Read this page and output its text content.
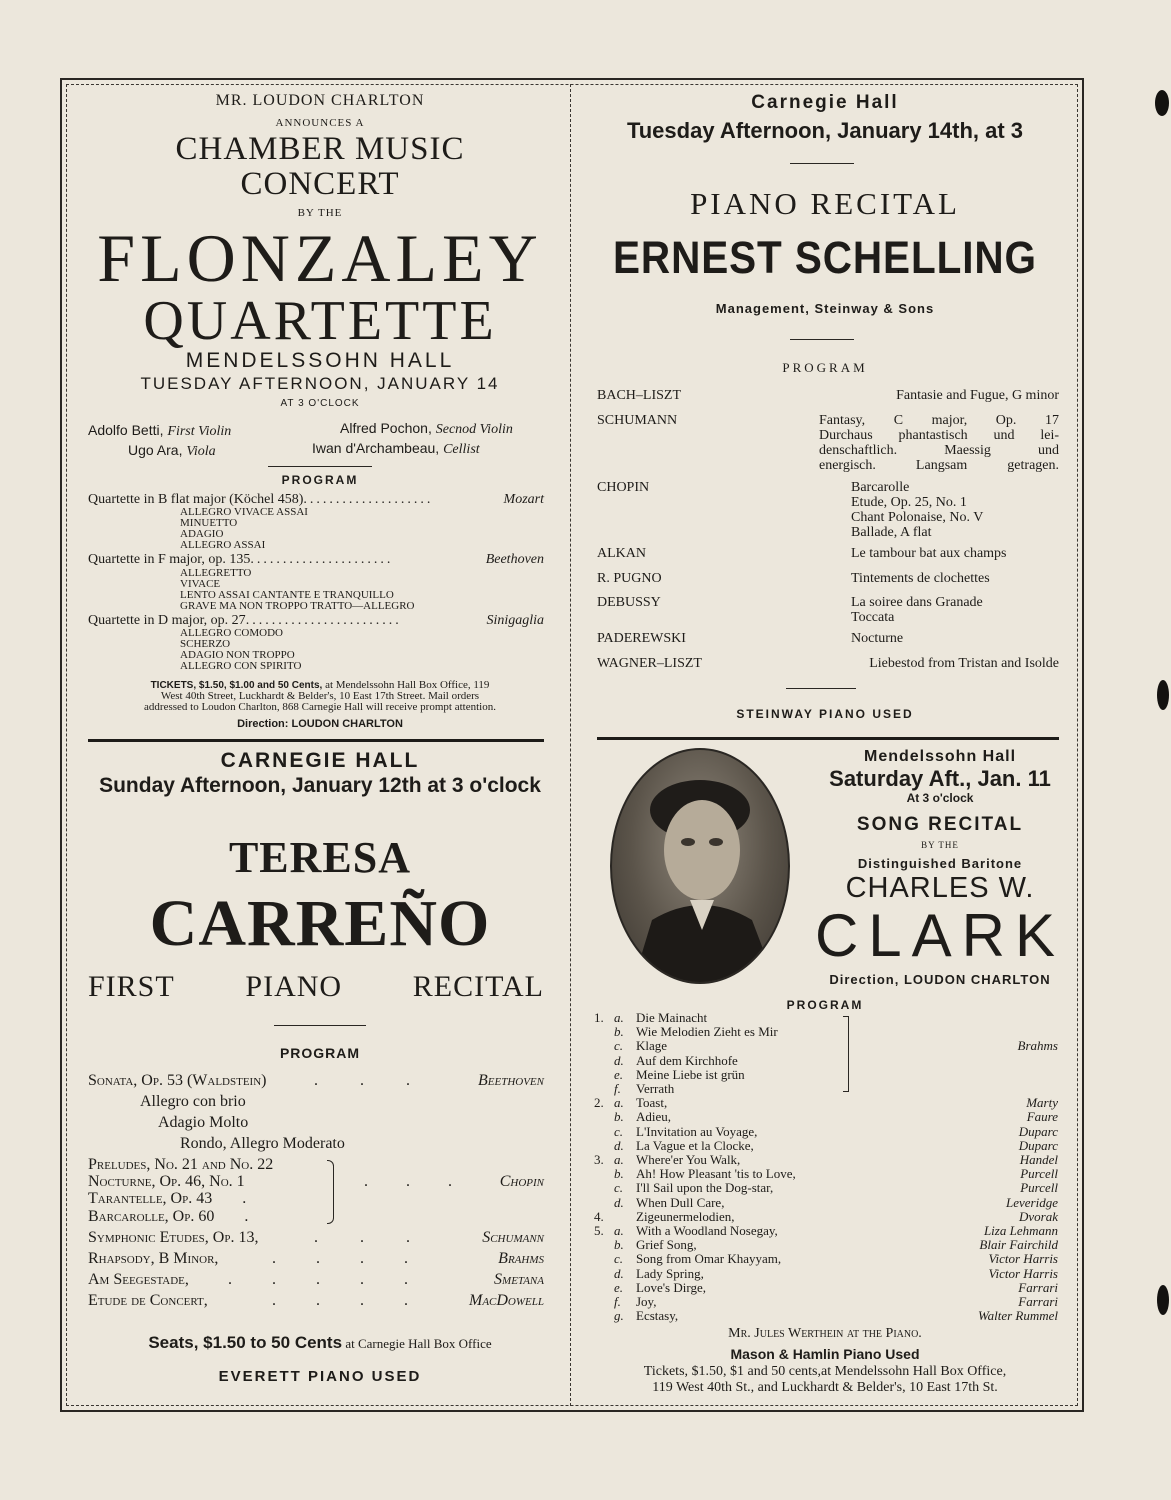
MR. LOUDON CHARLTON
ANNOUNCES A
CHAMBER MUSIC
CONCERT
BY THE
FLONZALEY
QUARTETTE
MENDELSSOHN HALL
TUESDAY AFTERNOON, JANUARY 14
AT 3 O'CLOCK
Adolfo Betti, First Violin	Alfred Pochon, Secnod Violin
Ugo Ara, Viola	Iwan d'Archambeau, Cellist
PROGRAM
Quartette in B flat major (Köchel 458)....................	Mozart
ALLEGRO VIVACE ASSAI
MINUETTO
ADAGIO
ALLEGRO ASSAI
Quartette in F major, op. 135......................	Beethoven
ALLEGRETTO
VIVACE
LENTO ASSAI CANTANTE E TRANQUILLO
GRAVE MA NON TROPPO TRATTO—ALLEGRO
Quartette in D major, op. 27........................	Sinigaglia
ALLEGRO COMODO
SCHERZO
ADAGIO NON TROPPO
ALLEGRO CON SPIRITO
TICKETS, $1.50, $1.00 and 50 Cents, at Mendelssohn Hall Box Office, 119
West 40th Street, Luckhardt & Belder's, 10 East 17th Street. Mail orders
addressed to Loudon Charlton, 868 Carnegie Hall will receive prompt attention.
Direction: LOUDON CHARLTON
CARNEGIE HALL
Sunday Afternoon, January 12th at 3 o'clock
TERESA
CARREÑO
FIRST PIANO RECITAL
PROGRAM
Sonata, Op. 53 (Waldstein)	... Beethoven
Allegro con brio
Adagio Molto
Rondo, Allegro Moderato
Preludes, No. 21 and No. 22
Nocturne, Op. 46, No. 1	... Chopin
Tarantelle, Op. 43 .
Barcarolle, Op. 60 .
Symphonic Etudes, Op. 13,	... Schumann
Rhapsody, B Minor,	....	Brahms
Am Seegestade, .....	Smetana
Etude de Concert,	.... MacDowell
Seats, $1.50 to 50 Cents at Carnegie Hall Box Office
EVERETT PIANO USED
Carnegie Hall
Tuesday Afternoon, January 14th, at 3
PIANO RECITAL
ERNEST SCHELLING
Management, Steinway & Sons
PROGRAM
BACH–LISZT	Fantasie and Fugue, G minor
SCHUMANN	Fantasy, C major, Op. 17
Durchaus phantastisch und lei-
denschaftlich. Maessig und
energisch. Langsam getragen.
CHOPIN	Barcarolle
Etude, Op. 25, No. 1
Chant Polonaise, No. V
Ballade, A flat
ALKAN	Le tambour bat aux champs
R. PUGNO	Tintements de clochettes
DEBUSSY	La soiree dans Granade
Toccata
PADEREWSKI	Nocturne
WAGNER–LISZT	Liebestod from Tristan and Isolde
STEINWAY PIANO USED
Mendelssohn Hall
Saturday Aft., Jan. 11
At 3 o'clock
SONG RECITAL
BY THE
Distinguished Baritone
CHARLES W.
CLARK
Direction, LOUDON CHARLTON
PROGRAM
1. a. Die Mainacht
b. Wie Melodien Zieht es Mir
c. Klage	Brahms
d. Auf dem Kirchhofe
e. Meine Liebe ist grün
f. Verrath
2. a. Toast,	Marty
b. Adieu,	Faure
c. L'Invitation au Voyage,	Duparc
d. La Vague et la Clocke,	Duparc
3. a. Where'er You Walk,	Handel
b. Ah! How Pleasant 'tis to Love,	Purcell
c. I'll Sail upon the Dog-star,	Purcell
d. When Dull Care,	Leveridge
4. Zigeunermelodien,	Dvorak
5. a. With a Woodland Nosegay,	Liza Lehmann
b. Grief Song,	Blair Fairchild
c. Song from Omar Khayyam,	Victor Harris
d. Lady Spring,	Victor Harris
e. Love's Dirge,	Farrari
f. Joy,	Farrari
g. Ecstasy,	Walter Rummel
Mr. Jules Werthein at the Piano.
Mason & Hamlin Piano Used
Tickets, $1.50, $1 and 50 cents,at Mendelssohn Hall Box Office,
119 West 40th St., and Luckhardt & Belder's, 10 East 17th St.
